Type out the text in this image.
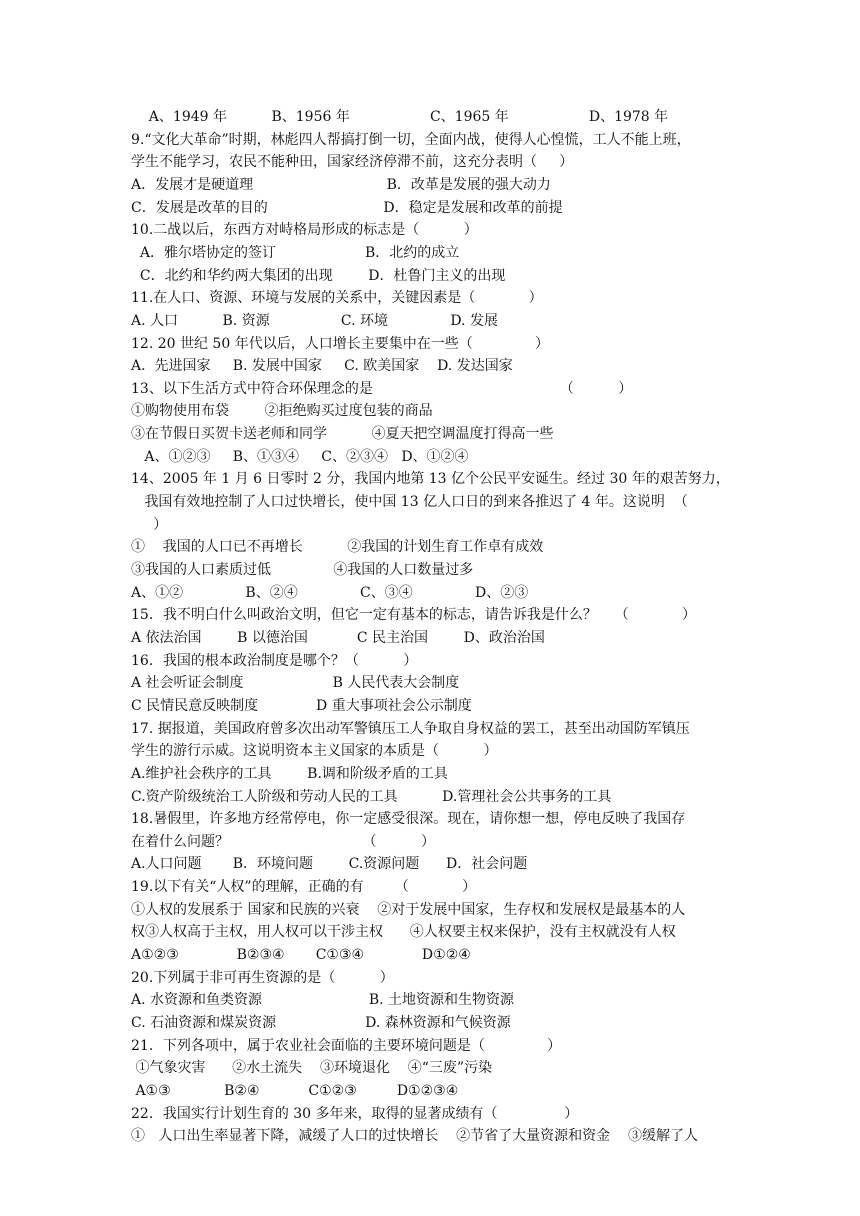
A、1949 年          B、1956 年                  C、1965 年                  D、1978 年
9.“文化大革命”时期，林彪四人帮搞打倒一切，全面内战，使得人心惶慌，工人不能上班，
学生不能学习，农民不能种田，国家经济停滞不前，这充分表明（     ）
A．发展才是硬道理                              B．改革是发展的强大动力
C．发展是改革的目的                          D．稳定是发展和改革的前提
10.二战以后，东西方对峙格局形成的标志是（          ）
A．雅尔塔协定的签订                    B．北约的成立
C．北约和华约两大集团的出现        D．杜鲁门主义的出现
11.在人口、资源、环境与发展的关系中，关键因素是（            ）
A. 人口          B. 资源                C. 环境              D. 发展
12. 20 世纪 50 年代以后，人口增长主要集中在一些（              ）
A.  先进国家     B. 发展中国家     C. 欧美国家    D. 发达国家
13、以下生活方式中符合环保理念的是                                          （          ）
①购物使用布袋        ②拒绝购买过度包装的商品
③在节假日买贺卡送老师和同学          ④夏天把空调温度打得高一些
A、①②③     B、①③④     C、②③④   D、①②④
14、2005 年 1 月 6 日零时 2 分，我国内地第 13 亿个公民平安诞生。经过 30 年的艰苦努力，
我国有效地控制了人口过快增长，使中国 13 亿人口日的到来各推迟了 4 年。这说明  （
）
①    我国的人口已不再增长          ②我国的计划生育工作卓有成效
③我国的人口素质过低              ④我国的人口数量过多
A、①②              B、②④              C、③④              D、②③
15．我不明白什么叫政治文明，但它一定有基本的标志，请告诉我是什么？    （            ）
A 依法治国        B 以德治国           C 民主治国        D、政治治国
16．我国的根本政治制度是哪个？（          ）
A 社会听证会制度                    B 人民代表大会制度
C 民情民意反映制度             D 重大事项社会公示制度
17. 据报道，美国政府曾多次出动军警镇压工人争取自身权益的罢工，甚至出动国防军镇压
学生的游行示威。这说明资本主义国家的本质是（          ）
A.维护社会秩序的工具        B.调和阶级矛盾的工具
C.资产阶级统治工人阶级和劳动人民的工具          D.管理社会公共事务的工具
18.暑假里，许多地方经常停电，你一定感受很深。现在，请你想一想，停电反映了我国存
在着什么问题？                              （          ）
A.人口问题       B．环境问题        C.资源问题      D．社会问题
19.以下有关“人权”的理解，正确的有       （            ）
①人权的发展系于 国家和民族的兴衰    ②对于发展中国家，生存权和发展权是最基本的人
权③人权高于主权，用人权可以干涉主权      ④人权要主权来保护，没有主权就没有人权
A①②③             B②③④       C①③④             D①②④
20.下列属于非可再生资源的是（          ）
A. 水资源和鱼类资源                        B. 土地资源和生物资源
C. 石油资源和煤炭资源                    D. 森林资源和气候资源
21．下列各项中，属于农业社会面临的主要环境问题是（              ）
①气象灾害      ②水土流失    ③环境退化    ④“三废”污染
A①③            B②④           C①②③         D①②③④
22．我国实行计划生育的 30 多年来，取得的显著成绩有（               ）
①   人口出生率显著下降，减缓了人口的过快增长    ②节省了大量资源和资金    ③缓解了人
